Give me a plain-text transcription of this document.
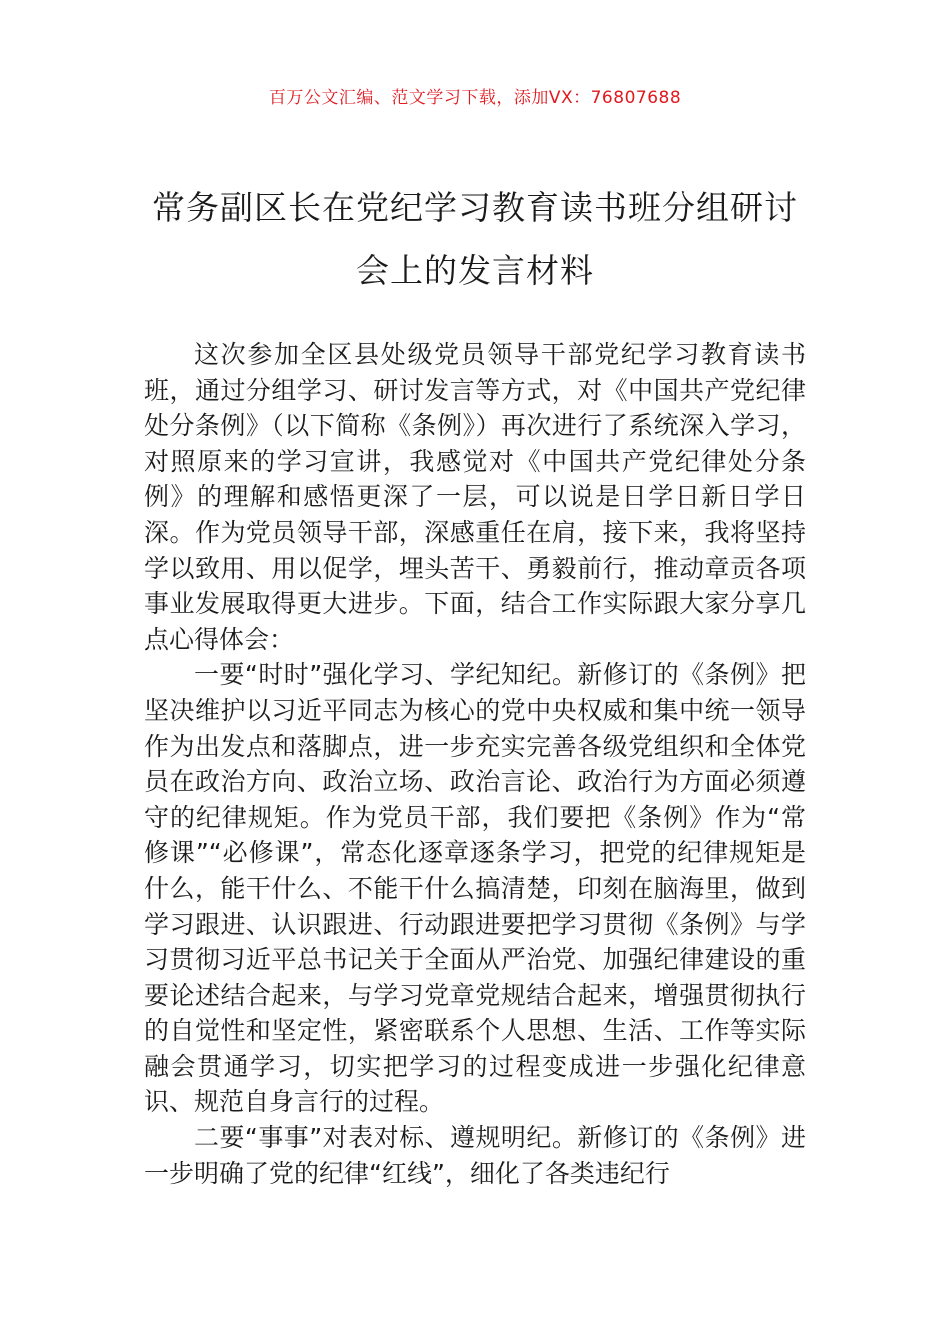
百万公文汇编、范文学习下载，添加VX：76807688
常务副区长在党纪学习教育读书班分组研讨会上的发言材料

这次参加全区县处级党员领导干部党纪学习教育读书班，通过分组学习、研讨发言等方式，对《中国共产党纪律处分条例》（以下简称《条例》）再次进行了系统深入学习，对照原来的学习宣讲，我感觉对《中国共产党纪律处分条例》的理解和感悟更深了一层，可以说是日学日新日学日深。作为党员领导干部，深感重任在肩，接下来，我将坚持学以致用、用以促学，埋头苦干、勇毅前行，推动章贡各项事业发展取得更大进步。下面，结合工作实际跟大家分享几点心得体会：

一要“时时”强化学习、学纪知纪。新修订的《条例》把坚决维护以习近平同志为核心的党中央权威和集中统一领导作为出发点和落脚点，进一步充实完善各级党组织和全体党员在政治方向、政治立场、政治言论、政治行为方面必须遵守的纪律规矩。作为党员干部，我们要把《条例》作为“常修课”“必修课”，常态化逐章逐条学习，把党的纪律规矩是什么，能干什么、不能干什么搞清楚，印刻在脑海里，做到学习跟进、认识跟进、行动跟进要把学习贯彻《条例》与学习贯彻习近平总书记关于全面从严治党、加强纪律建设的重要论述结合起来，与学习党章党规结合起来，增强贯彻执行的自觉性和坚定性，紧密联系个人思想、生活、工作等实际融会贯通学习，切实把学习的过程变成进一步强化纪律意识、规范自身言行的过程。

二要“事事”对表对标、遵规明纪。新修订的《条例》进一步明确了党的纪律“红线”，细化了各类违纪行
